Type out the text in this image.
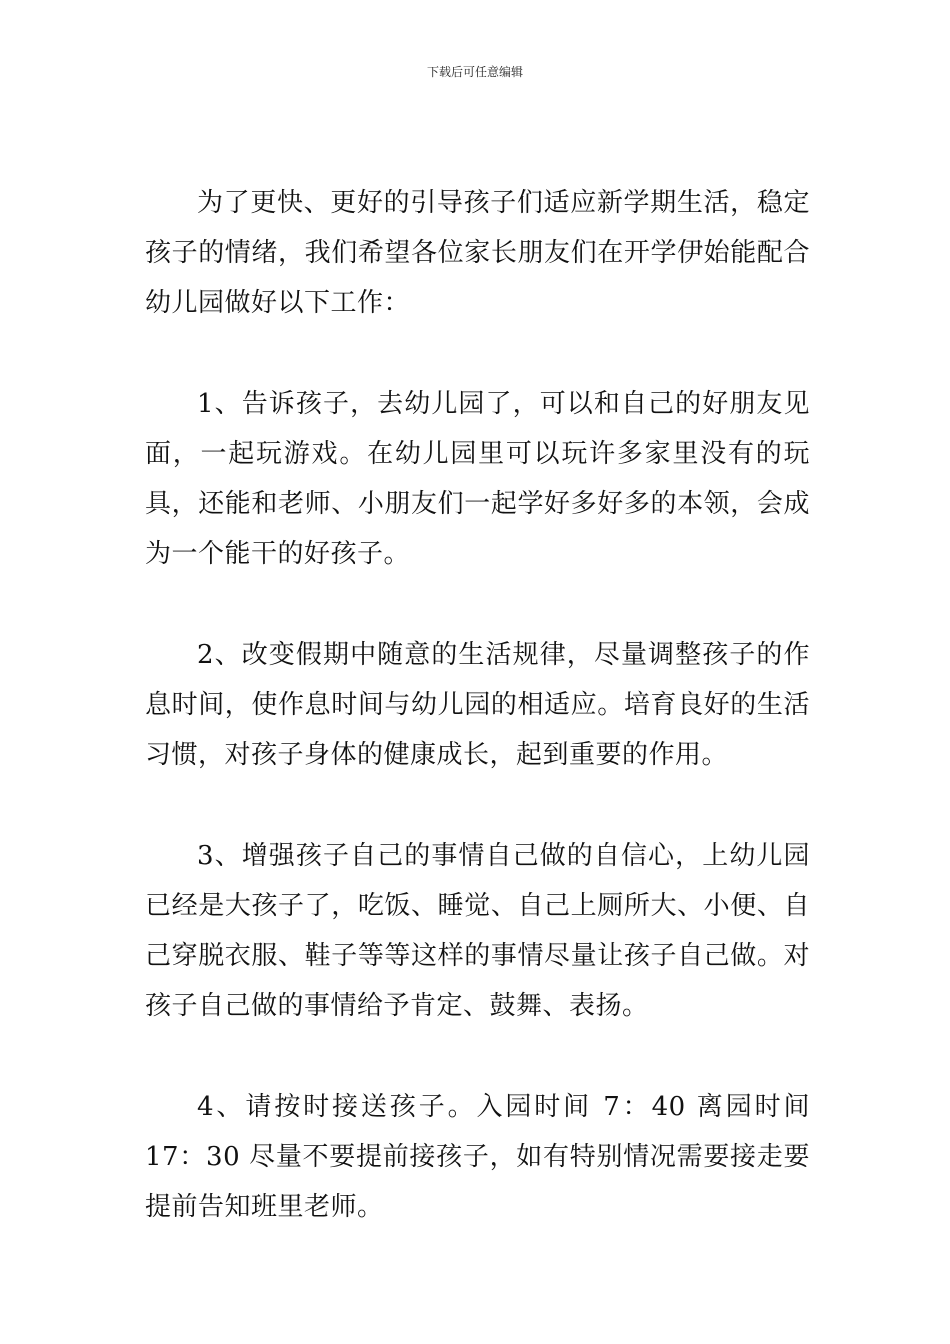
下载后可任意编辑

为了更快、更好的引导孩子们适应新学期生活，稳定孩子的情绪，我们希望各位家长朋友们在开学伊始能配合幼儿园做好以下工作：

1、告诉孩子，去幼儿园了，可以和自己的好朋友见面，一起玩游戏。在幼儿园里可以玩许多家里没有的玩具，还能和老师、小朋友们一起学好多好多的本领，会成为一个能干的好孩子。

2、改变假期中随意的生活规律，尽量调整孩子的作息时间，使作息时间与幼儿园的相适应。培育良好的生活习惯，对孩子身体的健康成长，起到重要的作用。

3、增强孩子自己的事情自己做的自信心，上幼儿园已经是大孩子了，吃饭、睡觉、自己上厕所大、小便、自己穿脱衣服、鞋子等等这样的事情尽量让孩子自己做。对孩子自己做的事情给予肯定、鼓舞、表扬。

4、请按时接送孩子。入园时间 7：40 离园时间 17：30 尽量不要提前接孩子，如有特别情况需要接走要提前告知班里老师。
